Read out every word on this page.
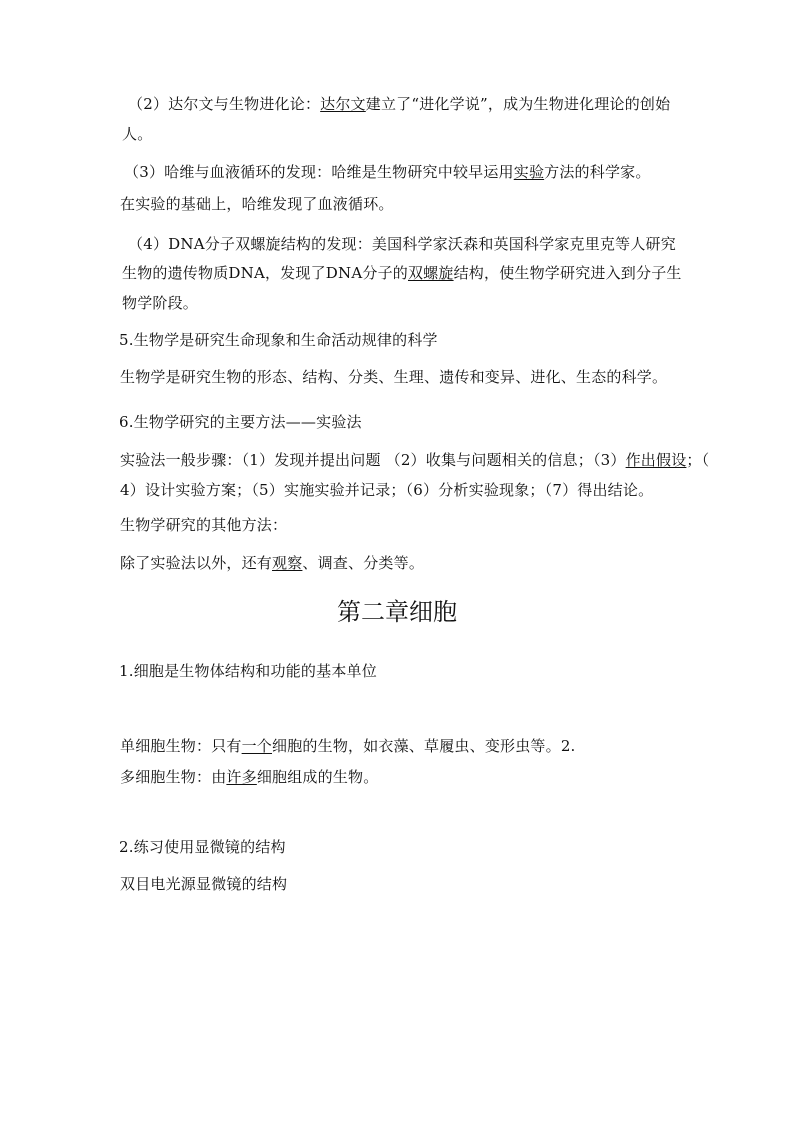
（2）达尔文与生物进化论：达尔文建立了“进化学说”，成为生物进化理论的创始
人。
（3）哈维与血液循环的发现：哈维是生物研究中较早运用实验方法的科学家。
在实验的基础上，哈维发现了血液循环。
（4）DNA分子双螺旋结构的发现：美国科学家沃森和英国科学家克里克等人研究
生物的遗传物质DNA，发现了DNA分子的双螺旋结构，使生物学研究进入到分子生
物学阶段。
5.生物学是研究生命现象和生命活动规律的科学
生物学是研究生物的形态、结构、分类、生理、遗传和变异、进化、生态的科学。
6.生物学研究的主要方法——实验法
实验法一般步骤：（1）发现并提出问题 （2）收集与问题相关的信息；（3）作出假设；（
4）设计实验方案；（5）实施实验并记录；（6）分析实验现象；（7）得出结论。
生物学研究的其他方法：
除了实验法以外，还有观察、调查、分类等。
第二章细胞
1.细胞是生物体结构和功能的基本单位
单细胞生物：只有一个细胞的生物，如衣藻、草履虫、变形虫等。2.
多细胞生物：由许多细胞组成的生物。
2.练习使用显微镜的结构
双目电光源显微镜的结构
